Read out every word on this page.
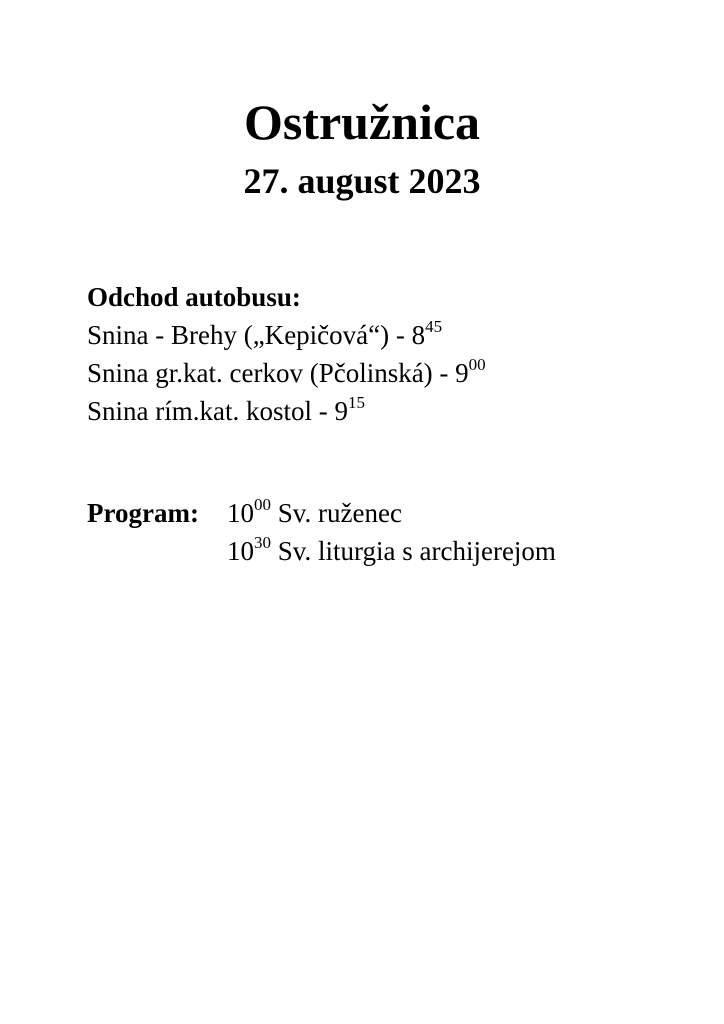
Ostružnica
27. august 2023
Odchod autobusu:
Snina - Brehy („Kepičová“) - $8^{45}$
Snina gr.kat. cerkov (Pčolinská) - $9^{00}$
Snina rím.kat. kostol - $9^{15}$
Program:	$10^{00}$ Sv. ruženec
$10^{30}$ Sv. liturgia s archijerejom
